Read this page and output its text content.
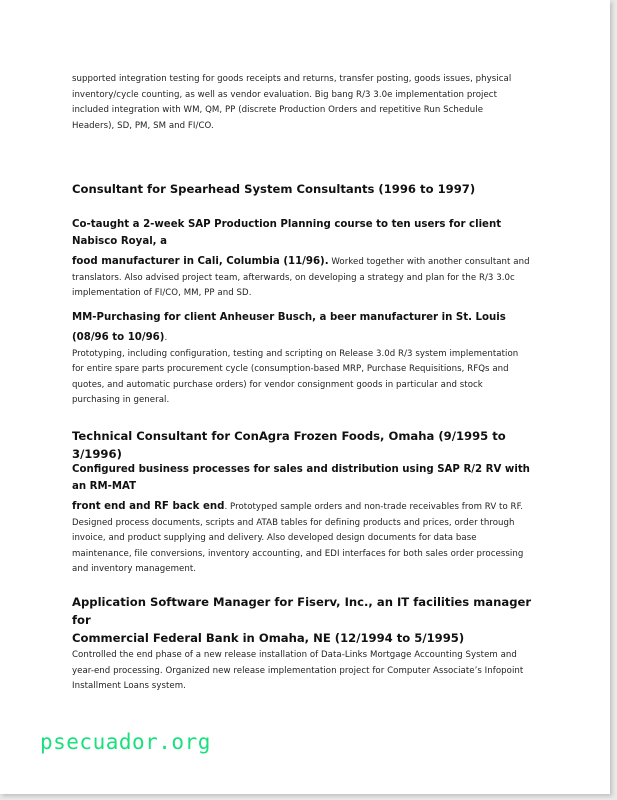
supported integration testing for goods receipts and returns, transfer posting, goods issues, physical
inventory/cycle counting, as well as vendor evaluation. Big bang R/3 3.0e implementation project
included integration with WM, QM, PP (discrete Production Orders and repetitive Run Schedule
Headers), SD, PM, SM and FI/CO.
Consultant for Spearhead System Consultants (1996 to 1997)
Co-taught a 2-week SAP Production Planning course to ten users for client Nabisco Royal, a
food manufacturer in Cali, Columbia (11/96). Worked together with another consultant and
translators. Also advised project team, afterwards, on developing a strategy and plan for the R/3 3.0c
implementation of FI/CO, MM, PP and SD.
MM-Purchasing for client Anheuser Busch, a beer manufacturer in St. Louis (08/96 to 10/96).
Prototyping, including configuration, testing and scripting on Release 3.0d R/3 system implementation
for entire spare parts procurement cycle (consumption-based MRP, Purchase Requisitions, RFQs and
quotes, and automatic purchase orders) for vendor consignment goods in particular and stock
purchasing in general.
Technical Consultant for ConAgra Frozen Foods, Omaha (9/1995 to 3/1996)
Configured business processes for sales and distribution using SAP R/2 RV with an RM-MAT
front end and RF back end. Prototyped sample orders and non-trade receivables from RV to RF.
Designed process documents, scripts and ATAB tables for defining products and prices, order through
invoice, and product supplying and delivery. Also developed design documents for data base
maintenance, file conversions, inventory accounting, and EDI interfaces for both sales order processing
and inventory management.
Application Software Manager for Fiserv, Inc., an IT facilities manager for
Commercial Federal Bank in Omaha, NE (12/1994 to 5/1995)
Controlled the end phase of a new release installation of Data-Links Mortgage Accounting System and
year-end processing. Organized new release implementation project for Computer Associate’s Infopoint
Installment Loans system.
psecuador.org
